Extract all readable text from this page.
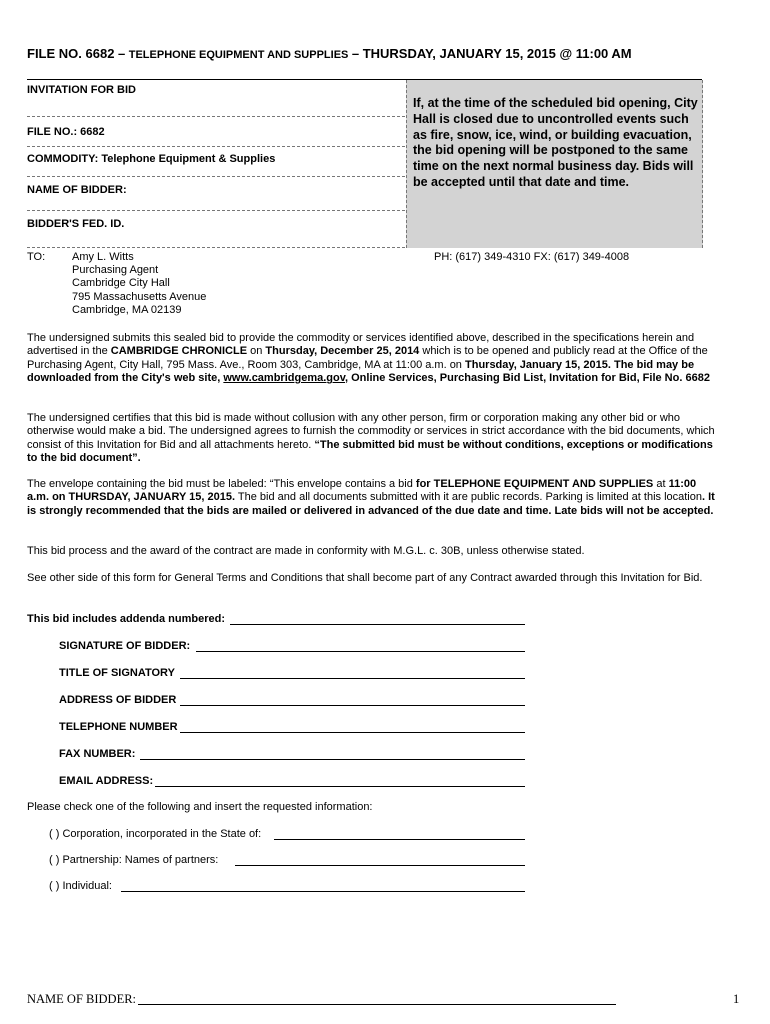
FILE NO. 6682 – TELEPHONE EQUIPMENT AND SUPPLIES – THURSDAY, JANUARY 15, 2015 @ 11:00 AM
INVITATION FOR BID
FILE NO.: 6682
COMMODITY: Telephone Equipment & Supplies
NAME OF BIDDER:
BIDDER'S FED. ID.
If, at the time of the scheduled bid opening, City Hall is closed due to uncontrolled events such as fire, snow, ice, wind, or building evacuation, the bid opening will be postponed to the same time on the next normal business day. Bids will be accepted until that date and time.
TO: Amy L. Witts
Purchasing Agent
Cambridge City Hall
795 Massachusetts Avenue
Cambridge, MA 02139
PH: (617) 349-4310 FX: (617) 349-4008
The undersigned submits this sealed bid to provide the commodity or services identified above, described in the specifications herein and advertised in the CAMBRIDGE CHRONICLE on Thursday, December 25, 2014 which is to be opened and publicly read at the Office of the Purchasing Agent, City Hall, 795 Mass. Ave., Room 303, Cambridge, MA at 11:00 a.m. on Thursday, January 15, 2015. The bid may be downloaded from the City's web site, www.cambridgema.gov, Online Services, Purchasing Bid List, Invitation for Bid, File No. 6682
The undersigned certifies that this bid is made without collusion with any other person, firm or corporation making any other bid or who otherwise would make a bid. The undersigned agrees to furnish the commodity or services in strict accordance with the bid documents, which consist of this Invitation for Bid and all attachments hereto. “The submitted bid must be without conditions, exceptions or modifications to the bid document”.
The envelope containing the bid must be labeled: “This envelope contains a bid for TELEPHONE EQUIPMENT AND SUPPLIES at 11:00 a.m. on THURSDAY, JANUARY 15, 2015. The bid and all documents submitted with it are public records. Parking is limited at this location. It is strongly recommended that the bids are mailed or delivered in advanced of the due date and time. Late bids will not be accepted.
This bid process and the award of the contract are made in conformity with M.G.L. c. 30B, unless otherwise stated.
See other side of this form for General Terms and Conditions that shall become part of any Contract awarded through this Invitation for Bid.
This bid includes addenda numbered:
SIGNATURE OF BIDDER:
TITLE OF SIGNATORY
ADDRESS OF BIDDER
TELEPHONE NUMBER
FAX NUMBER:
EMAIL ADDRESS:
Please check one of the following and insert the requested information:
( ) Corporation, incorporated in the State of:
( ) Partnership: Names of partners:
( ) Individual:
NAME OF BIDDER:	1
